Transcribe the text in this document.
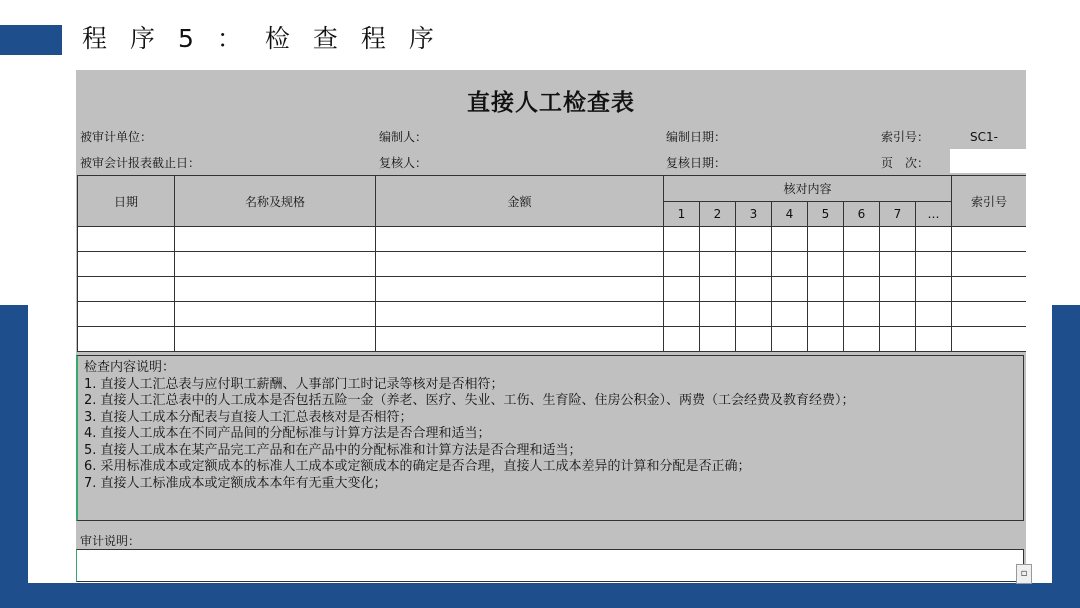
程序5：检查程序
直接人工检查表
被审计单位：	编制人：	编制日期：	索引号：	SC1-
被审会计报表截止日：	复核人：	复核日期：	页　次：
日期	名称及规格	金额	核对内容								索引号
			1	2	3	4	5	6	7	…	

检查内容说明：
1. 直接人工汇总表与应付职工薪酬、人事部门工时记录等核对是否相符；
2. 直接人工汇总表中的人工成本是否包括五险一金（养老、医疗、失业、工伤、生育险、住房公积金）、两费（工会经费及教育经费）；
3. 直接人工成本分配表与直接人工汇总表核对是否相符；
4. 直接人工成本在不同产品间的分配标准与计算方法是否合理和适当；
5. 直接人工成本在某产品完工产品和在产品中的分配标准和计算方法是否合理和适当；
6. 采用标准成本或定额成本的标准人工成本或定额成本的确定是否合理，直接人工成本差异的计算和分配是否正确；
7. 直接人工标准成本或定额成本本年有无重大变化；
审计说明：
▫
